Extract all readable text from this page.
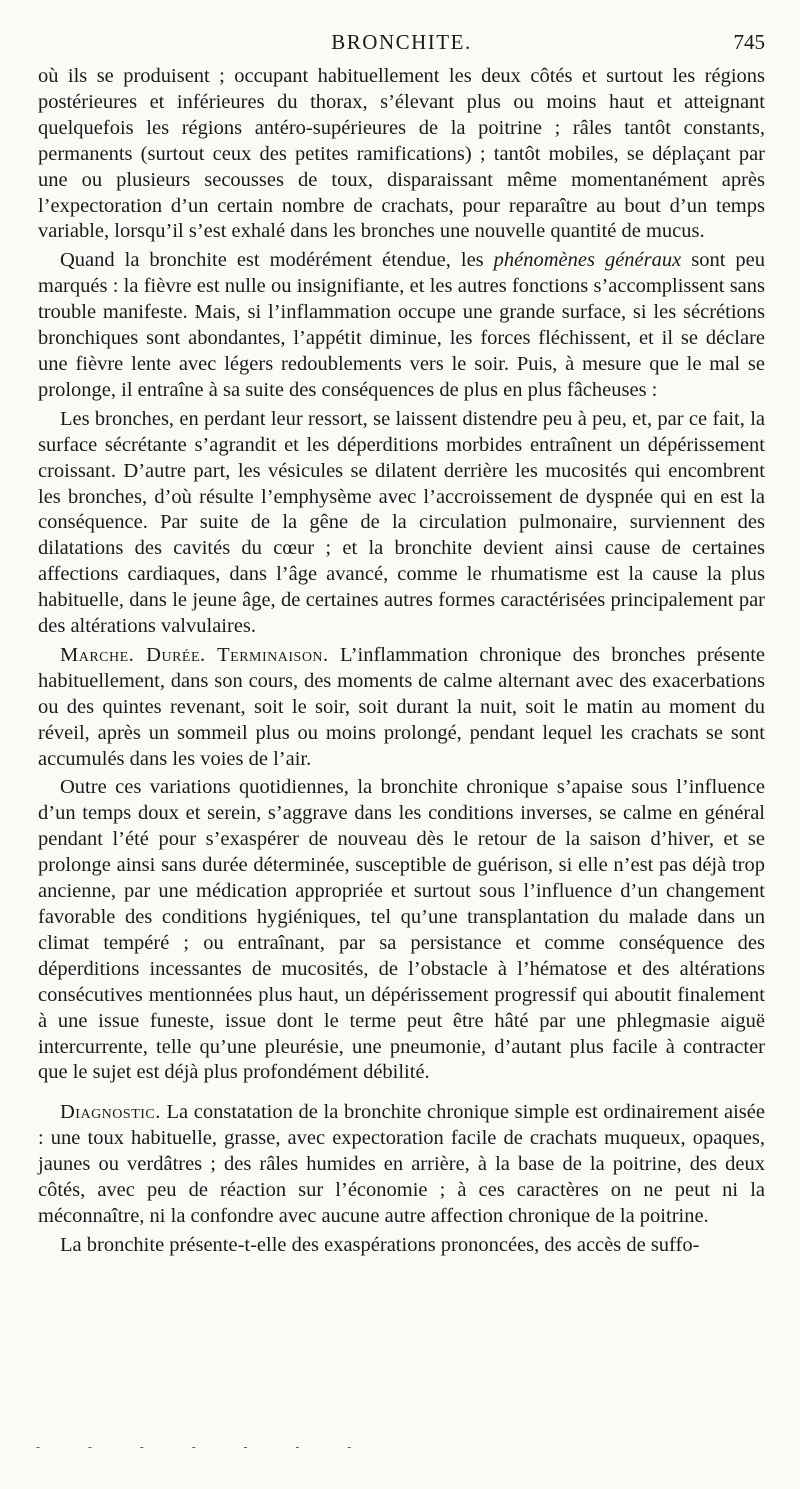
BRONCHITE.	745

où ils se produisent ; occupant habituellement les deux côtés et surtout les régions postérieures et inférieures du thorax, s’élevant plus ou moins haut et atteignant quelquefois les régions antéro-supérieures de la poitrine ; râles tantôt constants, permanents (surtout ceux des petites ramifications) ; tantôt mobiles, se déplaçant par une ou plusieurs secousses de toux, disparaissant même momentanément après l’expectoration d’un certain nombre de crachats, pour reparaître au bout d’un temps variable, lorsqu’il s’est exhalé dans les bronches une nouvelle quantité de mucus.

Quand la bronchite est modérément étendue, les phénomènes généraux sont peu marqués : la fièvre est nulle ou insignifiante, et les autres fonctions s’accomplissent sans trouble manifeste. Mais, si l’inflammation occupe une grande surface, si les sécrétions bronchiques sont abondantes, l’appétit diminue, les forces fléchissent, et il se déclare une fièvre lente avec légers redoublements vers le soir. Puis, à mesure que le mal se prolonge, il entraîne à sa suite des conséquences de plus en plus fâcheuses :

Les bronches, en perdant leur ressort, se laissent distendre peu à peu, et, par ce fait, la surface sécrétante s’agrandit et les déperditions morbides entraînent un dépérissement croissant. D’autre part, les vésicules se dilatent derrière les mucosités qui encombrent les bronches, d’où résulte l’emphysème avec l’accroissement de dyspnée qui en est la conséquence. Par suite de la gêne de la circulation pulmonaire, surviennent des dilatations des cavités du cœur ; et la bronchite devient ainsi cause de certaines affections cardiaques, dans l’âge avancé, comme le rhumatisme est la cause la plus habituelle, dans le jeune âge, de certaines autres formes caractérisées principalement par des altérations valvulaires.

Marche. Durée. Terminaison. L’inflammation chronique des bronches présente habituellement, dans son cours, des moments de calme alternant avec des exacerbations ou des quintes revenant, soit le soir, soit durant la nuit, soit le matin au moment du réveil, après un sommeil plus ou moins prolongé, pendant lequel les crachats se sont accumulés dans les voies de l’air.

Outre ces variations quotidiennes, la bronchite chronique s’apaise sous l’influence d’un temps doux et serein, s’aggrave dans les conditions inverses, se calme en général pendant l’été pour s’exaspérer de nouveau dès le retour de la saison d’hiver, et se prolonge ainsi sans durée déterminée, susceptible de guérison, si elle n’est pas déjà trop ancienne, par une médication appropriée et surtout sous l’influence d’un changement favorable des conditions hygiéniques, tel qu’une transplantation du malade dans un climat tempéré ; ou entraînant, par sa persistance et comme conséquence des déperditions incessantes de mucosités, de l’obstacle à l’hématose et des altérations consécutives mentionnées plus haut, un dépérissement progressif qui aboutit finalement à une issue funeste, issue dont le terme peut être hâté par une phlegmasie aiguë intercurrente, telle qu’une pleurésie, une pneumonie, d’autant plus facile à contracter que le sujet est déjà plus profondément débilité.

Diagnostic. La constatation de la bronchite chronique simple est ordinairement aisée : une toux habituelle, grasse, avec expectoration facile de crachats muqueux, opaques, jaunes ou verdâtres ; des râles humides en arrière, à la base de la poitrine, des deux côtés, avec peu de réaction sur l’économie ; à ces caractères on ne peut ni la méconnaître, ni la confondre avec aucune autre affection chronique de la poitrine.

La bronchite présente-t-elle des exaspérations prononcées, des accès de suffo-

- - - - - - -
